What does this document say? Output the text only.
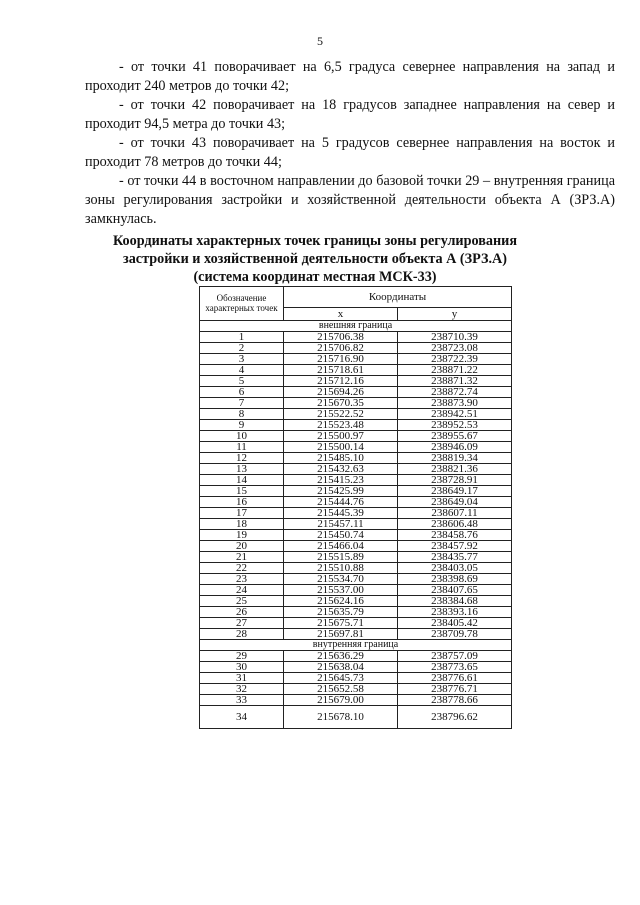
5

- от точки 41 поворачивает на 6,5 градуса севернее направления на запад и проходит 240 метров до точки 42;

- от точки 42 поворачивает на 18 градусов западнее направления на север и проходит 94,5 метра до точки 43;

- от точки 43 поворачивает на 5 градусов севернее направления на восток и проходит 78 метров до точки 44;

- от точки 44 в восточном направлении до базовой точки 29 – внутренняя граница зоны регулирования застройки и хозяйственной деятельности объекта А (ЗРЗ.А) замкнулась.

Координаты характерных точек границы зоны регулирования
застройки и хозяйственной деятельности объекта А (ЗРЗ.А)
(система координат местная МСК-33)
Обозначение характерных точек	Координаты	
	x	y
внешняя граница		
1	215706.38	238710.39
2	215706.82	238723.08
3	215716.90	238722.39
4	215718.61	238871.22
5	215712.16	238871.32
6	215694.26	238872.74
7	215670.35	238873.90
8	215522.52	238942.51
9	215523.48	238952.53
10	215500.97	238955.67
11	215500.14	238946.09
12	215485.10	238819.34
13	215432.63	238821.36
14	215415.23	238728.91
15	215425.99	238649.17
16	215444.76	238649.04
17	215445.39	238607.11
18	215457.11	238606.48
19	215450.74	238458.76
20	215466.04	238457.92
21	215515.89	238435.77
22	215510.88	238403.05
23	215534.70	238398.69
24	215537.00	238407.65
25	215624.16	238384.68
26	215635.79	238393.16
27	215675.71	238405.42
28	215697.81	238709.78
внутренняя граница		
29	215636.29	238757.09
30	215638.04	238773.65
31	215645.73	238776.61
32	215652.58	238776.71
33	215679.00	238778.66
34	215678.10	238796.62
